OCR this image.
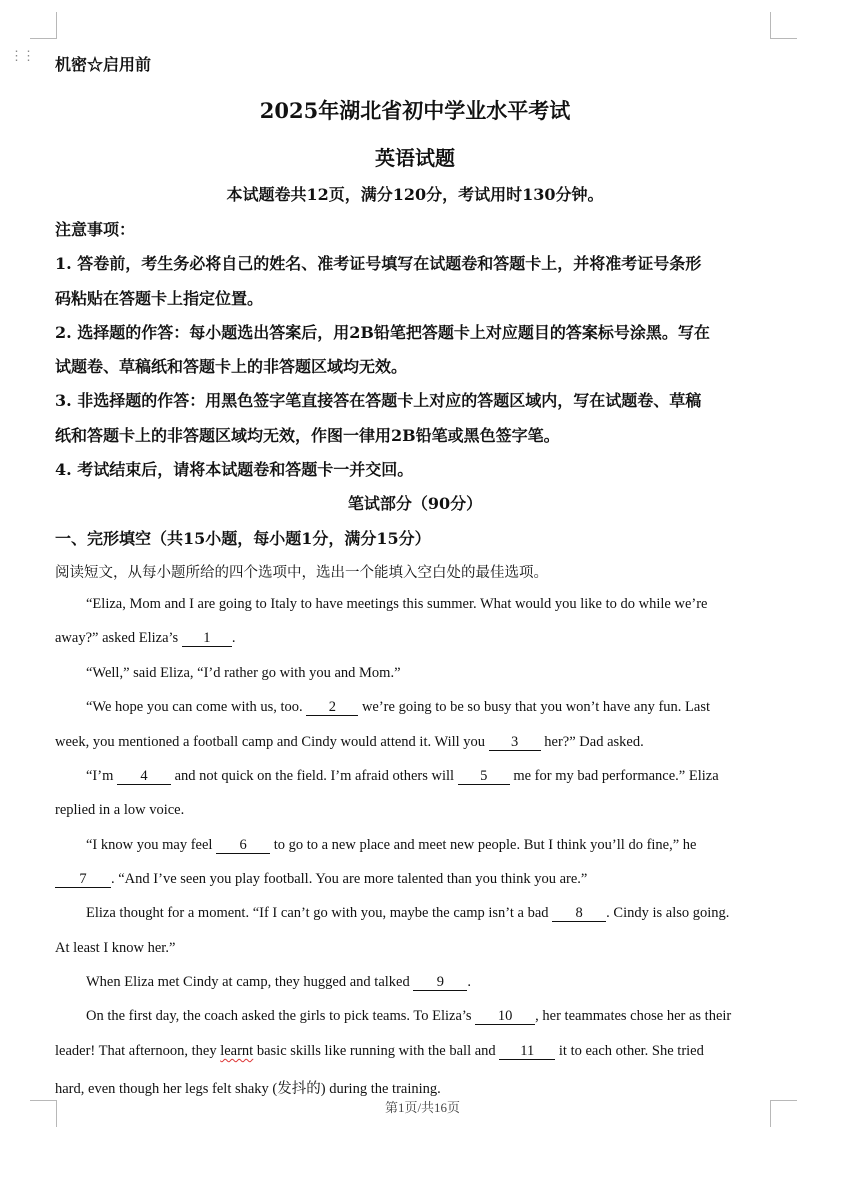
⋮⋮ 机密☆启用前
2025年湖北省初中学业水平考试
英语试题
本试题卷共12页，满分120分，考试用时130分钟。
注意事项：
1. 答卷前，考生务必将自己的姓名、准考证号填写在试题卷和答题卡上，并将准考证号条形
码粘贴在答题卡上指定位置。
2. 选择题的作答：每小题选出答案后，用2B铅笔把答题卡上对应题目的答案标号涂黑。写在
试题卷、草稿纸和答题卡上的非答题区域均无效。
3. 非选择题的作答：用黑色签字笔直接答在答题卡上对应的答题区域内，写在试题卷、草稿
纸和答题卡上的非答题区域均无效，作图一律用2B铅笔或黑色签字笔。
4. 考试结束后，请将本试题卷和答题卡一并交回。
笔试部分（90分）
一、完形填空（共15小题，每小题1分，满分15分）
阅读短文，从每小题所给的四个选项中，选出一个能填入空白处的最佳选项。
“Eliza, Mom and I are going to Italy to have meetings this summer. What would you like to do while we’re
away?” asked Eliza’s 1 .
“Well,” said Eliza, “I’d rather go with you and Mom.”
“We hope you can come with us, too. 2 we’re going to be so busy that you won’t have any fun. Last
week, you mentioned a football camp and Cindy would attend it. Will you 3 her?” Dad asked.
“I’m 4 and not quick on the field. I’m afraid others will 5 me for my bad performance.” Eliza
replied in a low voice.
“I know you may feel 6 to go to a new place and meet new people. But I think you’ll do fine,” he
7 . “And I’ve seen you play football. You are more talented than you think you are.”
Eliza thought for a moment. “If I can’t go with you, maybe the camp isn’t a bad 8 . Cindy is also going.
At least I know her.”
When Eliza met Cindy at camp, they hugged and talked 9 .
On the first day, the coach asked the girls to pick teams. To Eliza’s 10 , her teammates chose her as their
leader! That afternoon, they learnt basic skills like running with the ball and 11 it to each other. She tried
hard, even though her legs felt shaky (发抖的) during the training.
第1页/共16页
